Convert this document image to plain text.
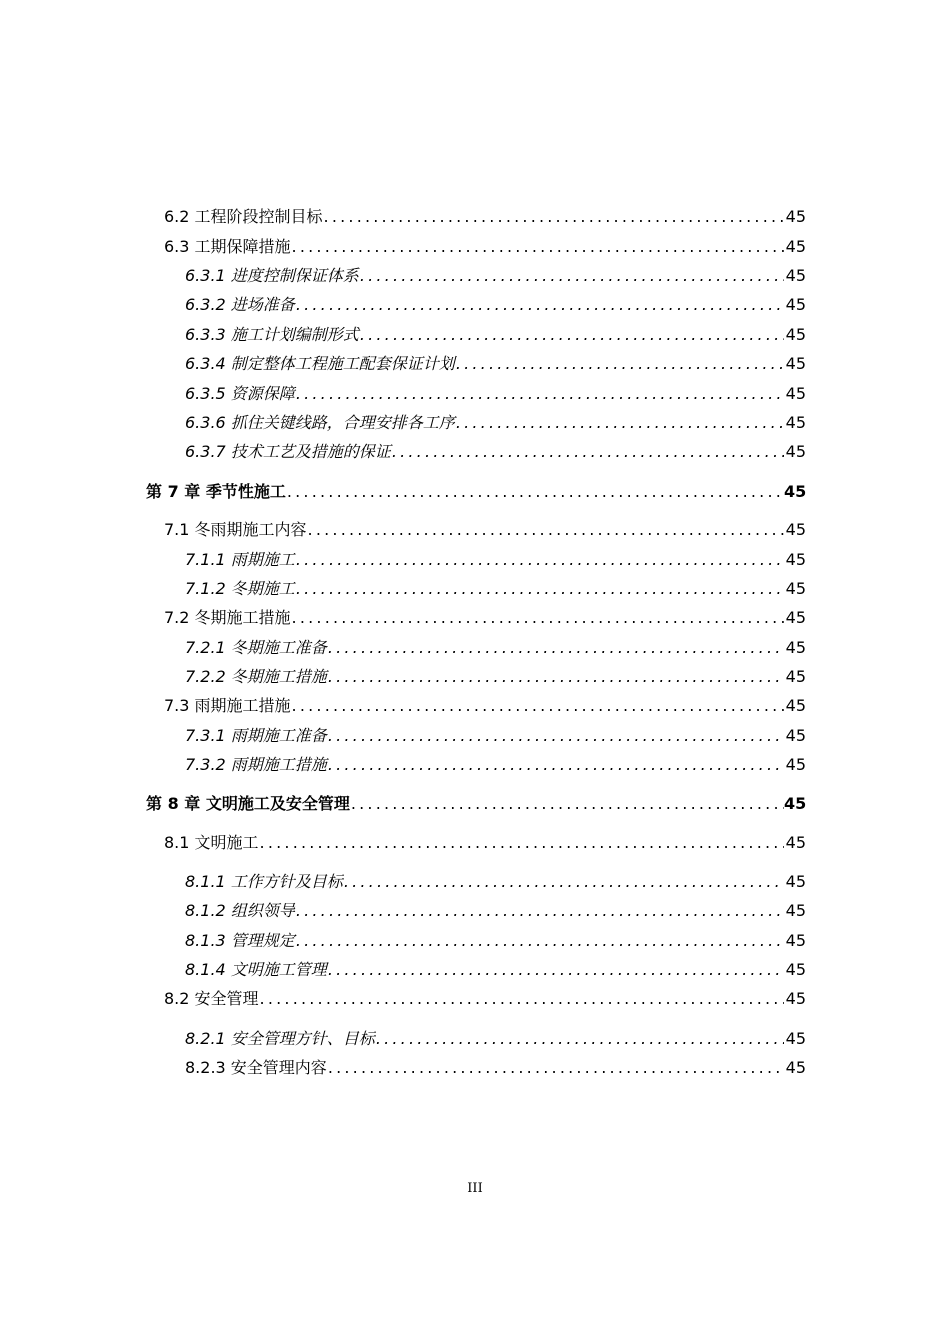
6.2 工程阶段控制目标 .....	45
6.3 工期保障措施 .....	45
6.3.1 进度控制保证体系 .....	45
6.3.2 进场准备 .....	45
6.3.3 施工计划编制形式 .....	45
6.3.4 制定整体工程施工配套保证计划 .....	45
6.3.5 资源保障 .....	45
6.3.6 抓住关键线路，合理安排各工序 .....	45
6.3.7 技术工艺及措施的保证 .....	45
第 7 章 季节性施工 .....	45
7.1 冬雨期施工内容 .....	45
7.1.1 雨期施工 .....	45
7.1.2 冬期施工 .....	45
7.2 冬期施工措施 .....	45
7.2.1 冬期施工准备 .....	45
7.2.2 冬期施工措施 .....	45
7.3 雨期施工措施 .....	45
7.3.1 雨期施工准备 .....	45
7.3.2 雨期施工措施 .....	45
第 8 章 文明施工及安全管理 .....	45
8.1 文明施工 .....	45
8.1.1 工作方针及目标 .....	45
8.1.2 组织领导 .....	45
8.1.3 管理规定 .....	45
8.1.4 文明施工管理 .....	45
8.2 安全管理 .....	45
8.2.1 安全管理方针、目标 .....	45
8.2.3 安全管理内容 .....	45
III
